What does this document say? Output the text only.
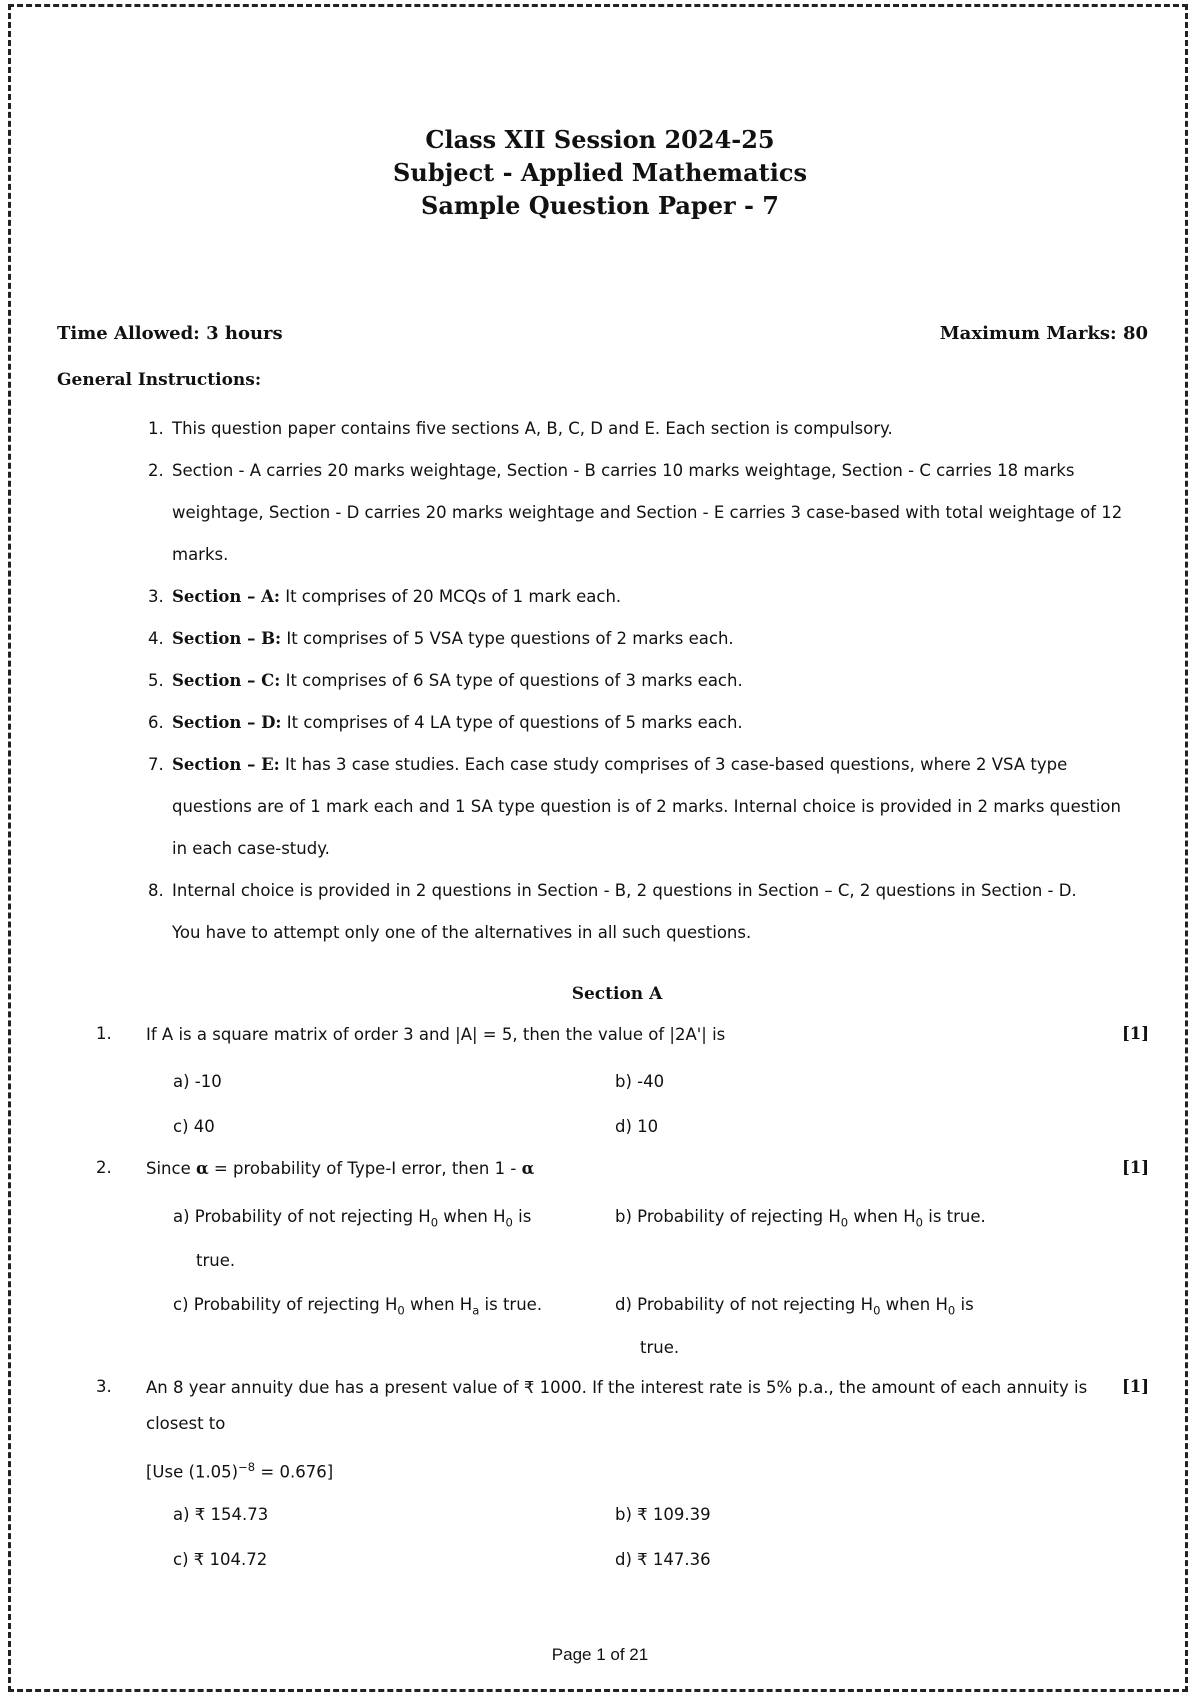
Class XII Session 2024-25
Subject - Applied Mathematics
Sample Question Paper - 7
Time Allowed: 3 hours	Maximum Marks: 80
General Instructions:
1. This question paper contains five sections A, B, C, D and E. Each section is compulsory.
2. Section - A carries 20 marks weightage, Section - B carries 10 marks weightage, Section - C carries 18 marks
weightage, Section - D carries 20 marks weightage and Section - E carries 3 case-based with total weightage of 12
marks.
3. Section – A: It comprises of 20 MCQs of 1 mark each.
4. Section – B: It comprises of 5 VSA type questions of 2 marks each.
5. Section – C: It comprises of 6 SA type of questions of 3 marks each.
6. Section – D: It comprises of 4 LA type of questions of 5 marks each.
7. Section – E: It has 3 case studies. Each case study comprises of 3 case-based questions, where 2 VSA type
questions are of 1 mark each and 1 SA type question is of 2 marks. Internal choice is provided in 2 marks question
in each case-study.
8. Internal choice is provided in 2 questions in Section - B, 2 questions in Section – C, 2 questions in Section - D.
You have to attempt only one of the alternatives in all such questions.
Section A
1. If A is a square matrix of order 3 and |A| = 5, then the value of |2A'| is	[1]
a) -10	b) -40
c) 40	d) 10
2. Since α = probability of Type-I error, then 1 - α	[1]
a) Probability of not rejecting $H_0$ when $H_0$ is
true.
b) Probability of rejecting $H_0$ when $H_0$ is true.
c) Probability of rejecting $H_0$ when $H_a$ is true.	d) Probability of not rejecting $H_0$ when $H_0$ is
true.
3. An 8 year annuity due has a present value of ₹ 1000. If the interest rate is 5% p.a., the amount of each annuity is
closest to
[Use $(1.05)^{-8} = 0.676$]
[1]
a) ₹ 154.73	b) ₹ 109.39
c) ₹ 104.72	d) ₹ 147.36
Page 1 of 21
